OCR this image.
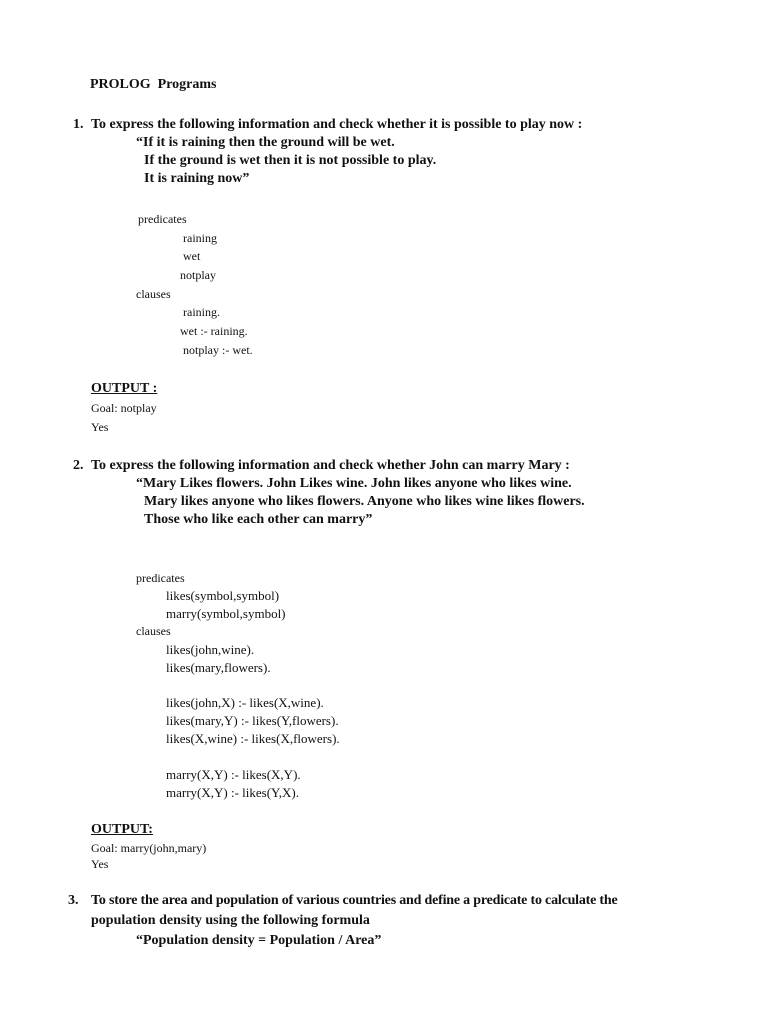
PROLOG  Programs
1. To express the following information and check whether it is possible to play now :
“If it is raining then the ground will be wet.
If the ground is wet then it is not possible to play.
It is raining now”
predicates
raining
wet
notplay
clauses
raining.
wet :- raining.
notplay :- wet.
OUTPUT :
Goal: notplay
Yes
2. To express the following information and check whether John can marry Mary :
“Mary Likes flowers. John Likes wine. John likes anyone who likes wine.
Mary likes anyone who likes flowers. Anyone who likes wine likes flowers.
Those who like each other can marry”
predicates
likes(symbol,symbol)
marry(symbol,symbol)
clauses
likes(john,wine).
likes(mary,flowers).
likes(john,X) :- likes(X,wine).
likes(mary,Y) :- likes(Y,flowers).
likes(X,wine) :- likes(X,flowers).
marry(X,Y) :- likes(X,Y).
marry(X,Y) :- likes(Y,X).
OUTPUT:
Goal: marry(john,mary)
Yes
3. To store the area and population of various countries and define a predicate to calculate the
population density using the following formula
“Population density = Population / Area”
